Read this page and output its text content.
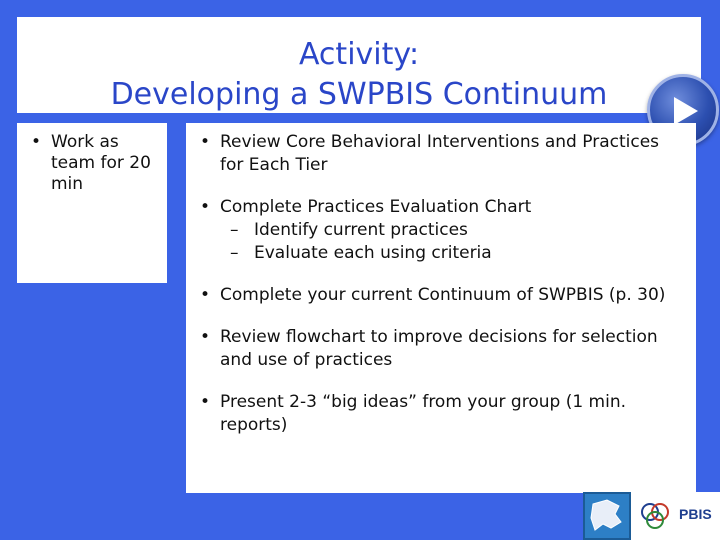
Activity:
Developing a SWPBIS Continuum
• Work as team for 20 min
• Review Core Behavioral Interventions and Practices for Each Tier
• Complete Practices Evaluation Chart
– Identify current practices
– Evaluate each using criteria
• Complete your current Continuum of SWPBIS (p. 30)
• Review flowchart to improve decisions for selection and use of practices
• Present 2-3 “big ideas” from your group (1 min. reports)
PBIS
